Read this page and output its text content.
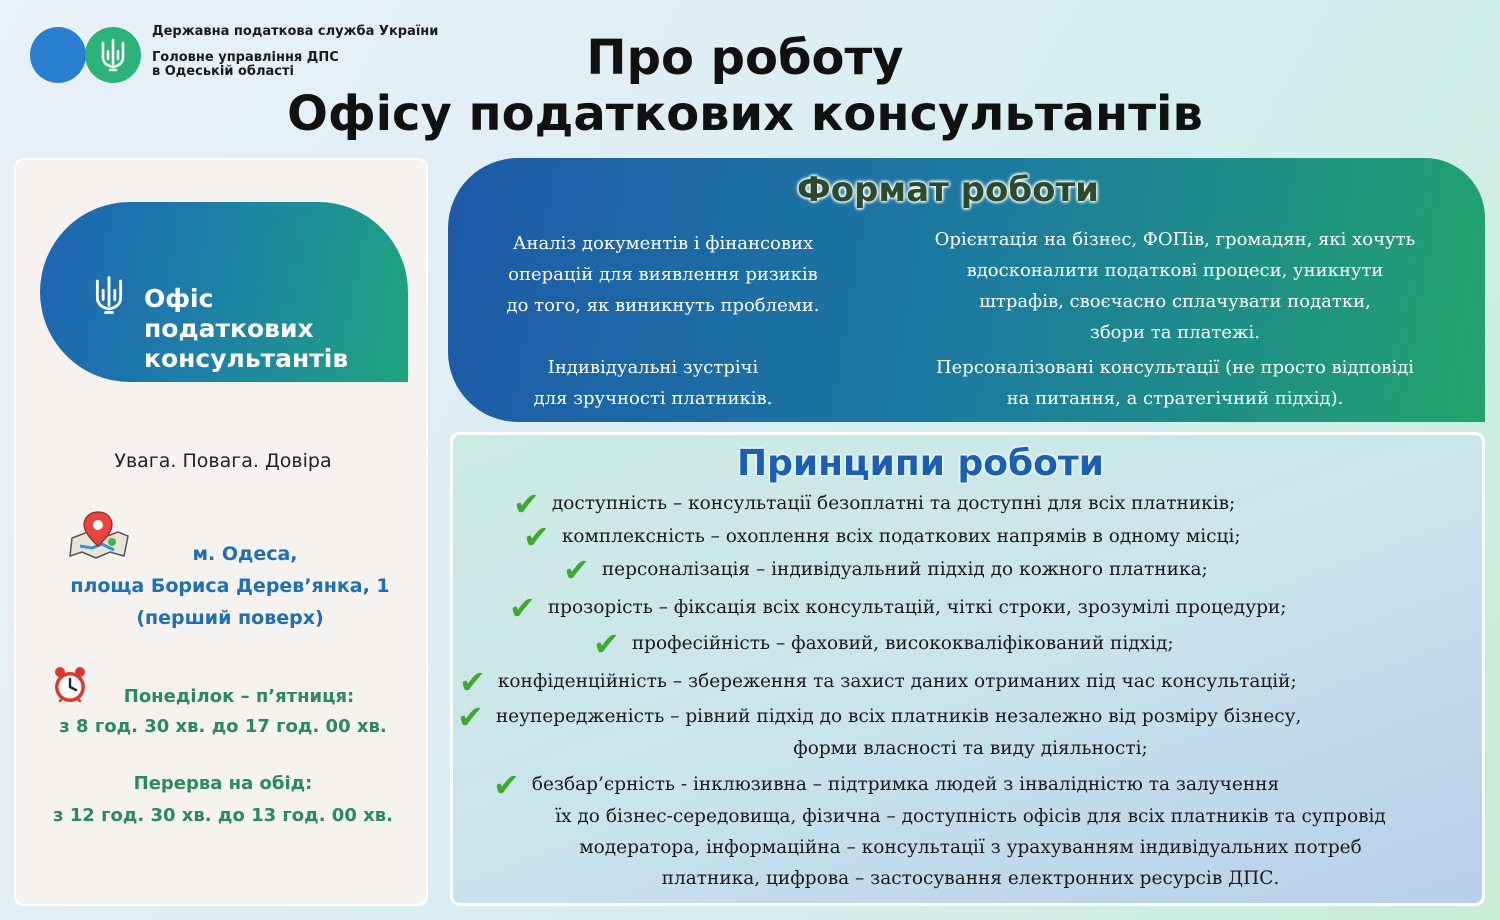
Державна податкова служба України
Головне управління ДПС
в Одеській області	Про роботу
Офісу податкових консультантів
Офіс
податкових
консультантів
Увага. Повага. Довіра
м. Одеса,
площа Бориса Дерев’янка, 1
(перший поверх)
Понеділок – п’ятниця:
з 8 год. 30 хв. до 17 год. 00 хв.
Перерва на обід:
з 12 год. 30 хв. до 13 год. 00 хв.
Формат роботи
Аналіз документів і фінансових
операцій для виявлення ризиків
до того, як виникнуть проблеми.
Орієнтація на бізнес, ФОПів, громадян, які хочуть
вдосконалити податкові процеси, уникнути
штрафів, своєчасно сплачувати податки,
збори та платежі.
Індивідуальні зустрічі
для зручності платників.
Персоналізовані консультації (не просто відповіді
на питання, а стратегічний підхід).
Принципи роботи
✔ доступність – консультації безоплатні та доступні для всіх платників;
✔ комплексність – охоплення всіх податкових напрямів в одному місці;
✔ персоналізація – індивідуальний підхід до кожного платника;
✔ прозорість – фіксація всіх консультацій, чіткі строки, зрозумілі процедури;
✔ професійність – фаховий, висококваліфікований підхід;
✔ конфіденційність – збереження та захист даних отриманих під час консультацій;
✔ неупередженість – рівний підхід до всіх платників незалежно від розміру бізнесу,
форми власності та виду діяльності;
✔ безбар’єрність - інклюзивна – підтримка людей з інвалідністю та залучення
їх до бізнес-середовища, фізична – доступність офісів для всіх платників та супровід
модератора, інформаційна – консультації з урахуванням індивідуальних потреб
платника, цифрова – застосування електронних ресурсів ДПС.
